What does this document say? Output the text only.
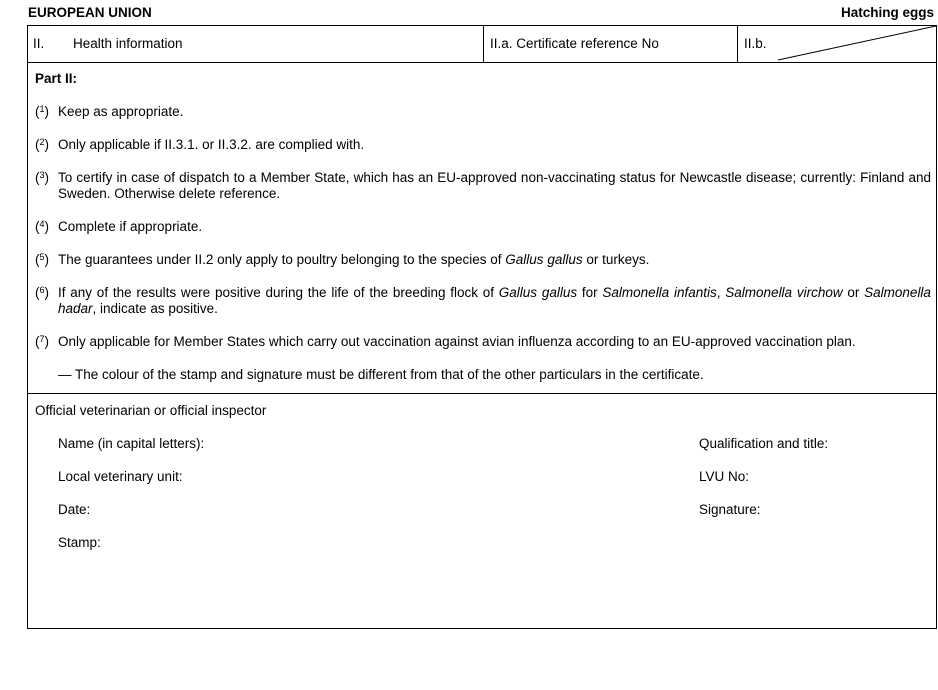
EUROPEAN UNION	Hatching eggs
II. Health information	II.a. Certificate reference No	II.b.
Part II:
($^1$) Keep as appropriate.
($^2$) Only applicable if II.3.1. or II.3.2. are complied with.
($^3$) To certify in case of dispatch to a Member State, which has an EU-approved non-vaccinating status for Newcastle disease; currently: Finland and Sweden. Otherwise delete reference.
($^4$) Complete if appropriate.
($^5$) The guarantees under II.2 only apply to poultry belonging to the species of Gallus gallus or turkeys.
($^6$) If any of the results were positive during the life of the breeding flock of Gallus gallus for Salmonella infantis, Salmonella virchow or Salmonella hadar, indicate as positive.
($^7$) Only applicable for Member States which carry out vaccination against avian influenza according to an EU-approved vaccination plan.
— The colour of the stamp and signature must be different from that of the other particulars in the certificate.
Official veterinarian or official inspector
Name (in capital letters):	Qualification and title:
Local veterinary unit:	LVU No:
Date:	Signature:
Stamp:
